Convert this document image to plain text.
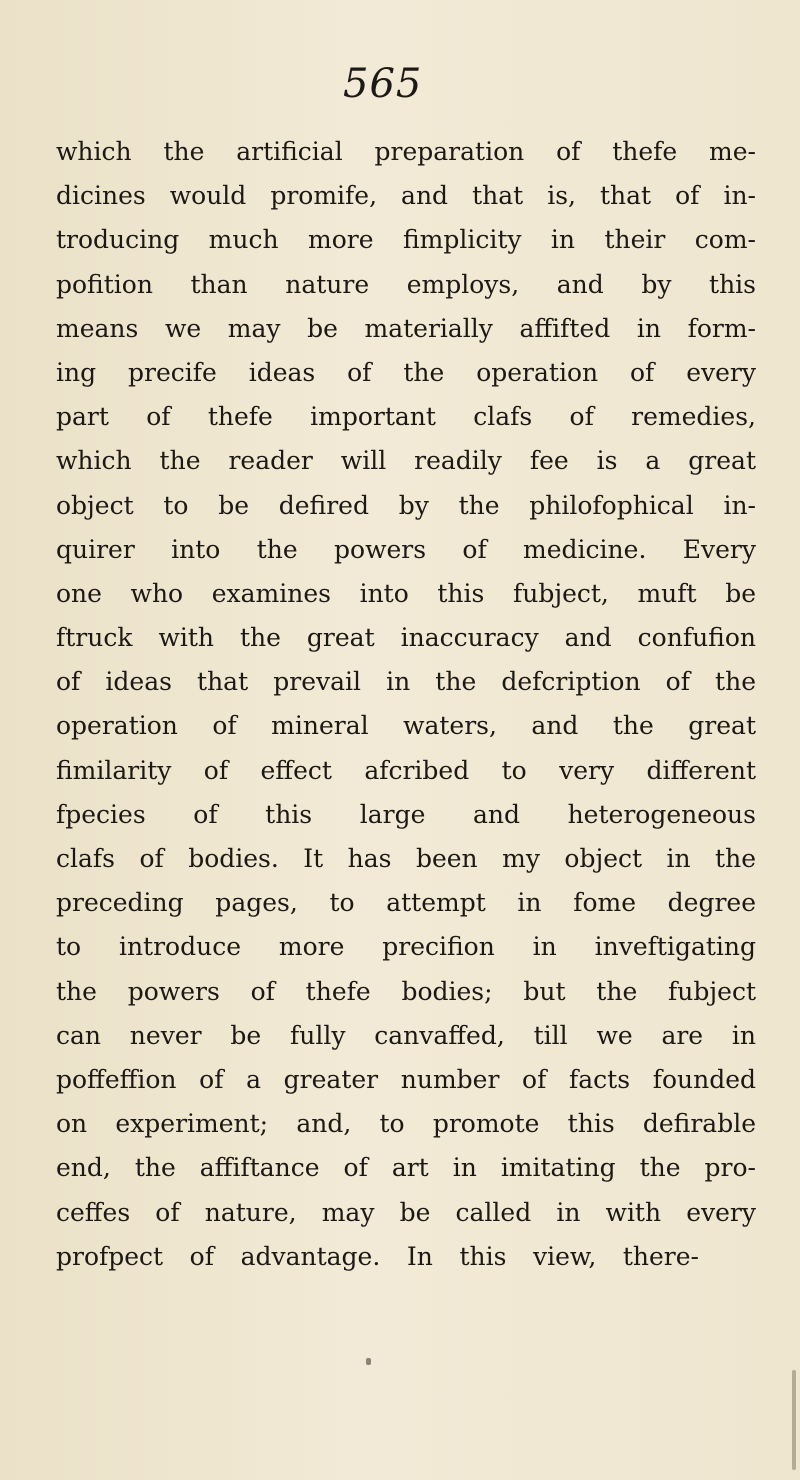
565
which the artificial preparation of thefe me-
dicines would promife, and that is, that of in-
troducing much more fimplicity in their com-
pofition than nature employs, and by this
means we may be materially affifted in form-
ing precife ideas of the operation of every
part of thefe important clafs of remedies,
which the reader will readily fee is a great
object to be defired by the philofophical in-
quirer into the powers of medicine. Every
one who examines into this fubject, muft be
ftruck with the great inaccuracy and confufion
of ideas that prevail in the defcription of the
operation of mineral waters, and the great
fimilarity of effect afcribed to very different
fpecies of this large and heterogeneous
clafs of bodies. It has been my object in the
preceding pages, to attempt in fome degree
to introduce more precifion in inveftigating
the powers of thefe bodies; but the fubject
can never be fully canvaffed, till we are in
poffeffion of a greater number of facts founded
on experiment; and, to promote this defirable
end, the affiftance of art in imitating the pro-
ceffes of nature, may be called in with every
profpect of advantage. In this view, there-
